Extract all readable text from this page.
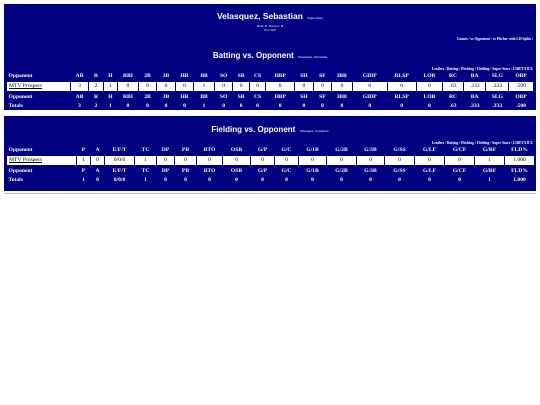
Velasquez, Sebastian Super Stars
Bats: R Throws: R
Pos: RF
Games / vs Opponent / vs Pitcher with LH Splits /
Batting vs. Opponent Velasquez, Sebastian
Leaders / Batting / Pitching / Fielding / Super Stars / LIBETAJUL
Opponent	AB	R	H	RBI	2B	3B	HR	BB	SO	SB	CS	HBP	SH	SF	IBB	GIDP	RLSP	LOB	RC	BA	SLG	OBP
MTV Prospect	3	2	1	0	0	0	0	1	0	0	0	0	0	0	0	0	0	0	.63	.333	.333	.500
Opponent	AB	R	H	RBI	2B	3B	HR	BB	SO	SB	CS	HBP	SH	SF	IBB	GIDP	RLSP	LOB	RC	BA	SLG	OBP
Totals	3	2	1	0	0	0	0	1	0	0	0	0	0	0	0	0	0	0	.63	.333	.333	.500
Fielding vs. Opponent Velasquez, Sebastian
Leaders / Batting / Pitching / Fielding / Super Stars / LIBETAJUL
Opponent	P	A	E/F/T	TC	DP	PB	RTO	OSB	G/P	G/C	G/1B	G/2B	G/3B	G/SS	G/LF	G/CF	G/RF	FLD%
MTV Prospect	1	0	0/0/0	1	0	0	0	0	0	0	0	0	0	0	0	0	1	1.000
Opponent	P	A	E/F/T	TC	DP	PB	RTO	OSB	G/P	G/C	G/1B	G/2B	G/3B	G/SS	G/LF	G/CF	G/RF	FLD%
Totals	1	0	0/0/0	1	0	0	0	0	0	0	0	0	0	0	0	0	1	1.000
